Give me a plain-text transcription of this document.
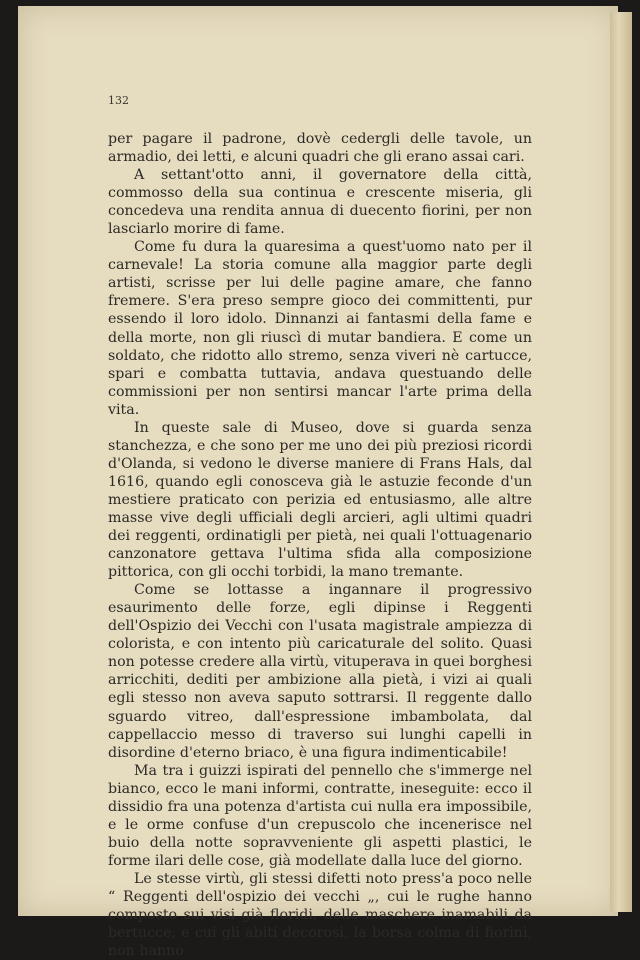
132

per pagare il padrone, dovè cedergli delle tavole, un armadio, dei letti, e alcuni quadri che gli erano assai cari.

A settant'otto anni, il governatore della città, commosso della sua continua e crescente miseria, gli concedeva una rendita annua di duecento fiorini, per non lasciarlo morire di fame.

Come fu dura la quaresima a quest'uomo nato per il carnevale! La storia comune alla maggior parte degli artisti, scrisse per lui delle pagine amare, che fanno fremere. S'era preso sempre gioco dei committenti, pur essendo il loro idolo. Dinnanzi ai fantasmi della fame e della morte, non gli riuscì di mutar bandiera. E come un soldato, che ridotto allo stremo, senza viveri nè cartucce, spari e combatta tuttavia, andava questuando delle commissioni per non sentirsi mancar l'arte prima della vita.

In queste sale di Museo, dove si guarda senza stanchezza, e che sono per me uno dei più preziosi ricordi d'Olanda, si vedono le diverse maniere di Frans Hals, dal 1616, quando egli conosceva già le astuzie feconde d'un mestiere praticato con perizia ed entusiasmo, alle altre masse vive degli ufficiali degli arcieri, agli ultimi quadri dei reggenti, ordinatigli per pietà, nei quali l'ottuagenario canzonatore gettava l'ultima sfida alla composizione pittorica, con gli occhi torbidi, la mano tremante.

Come se lottasse a ingannare il progressivo esaurimento delle forze, egli dipinse i Reggenti dell'Ospizio dei Vecchi con l'usata magistrale ampiezza di colorista, e con intento più caricaturale del solito. Quasi non potesse credere alla virtù, vituperava in quei borghesi arricchiti, dediti per ambizione alla pietà, i vizi ai quali egli stesso non aveva saputo sottrarsi. Il reggente dallo sguardo vitreo, dall'espressione imbambolata, dal cappellaccio messo di traverso sui lunghi capelli in disordine d'eterno briaco, è una figura indimenticabile!

Ma tra i guizzi ispirati del pennello che s'immerge nel bianco, ecco le mani informi, contratte, ineseguite: ecco il dissidio fra una potenza d'artista cui nulla era impossibile, e le orme confuse d'un crepuscolo che incenerisce nel buio della notte sopravveniente gli aspetti plastici, le forme ilari delle cose, già modellate dalla luce del giorno.

Le stesse virtù, gli stessi difetti noto press'a poco nelle “ Reggenti dell'ospizio dei vecchi „, cui le rughe hanno composto sui visi già floridi, delle maschere inamabili da bertucce, e cui gli abiti decorosi, la borsa colma di fiorini, non hanno
